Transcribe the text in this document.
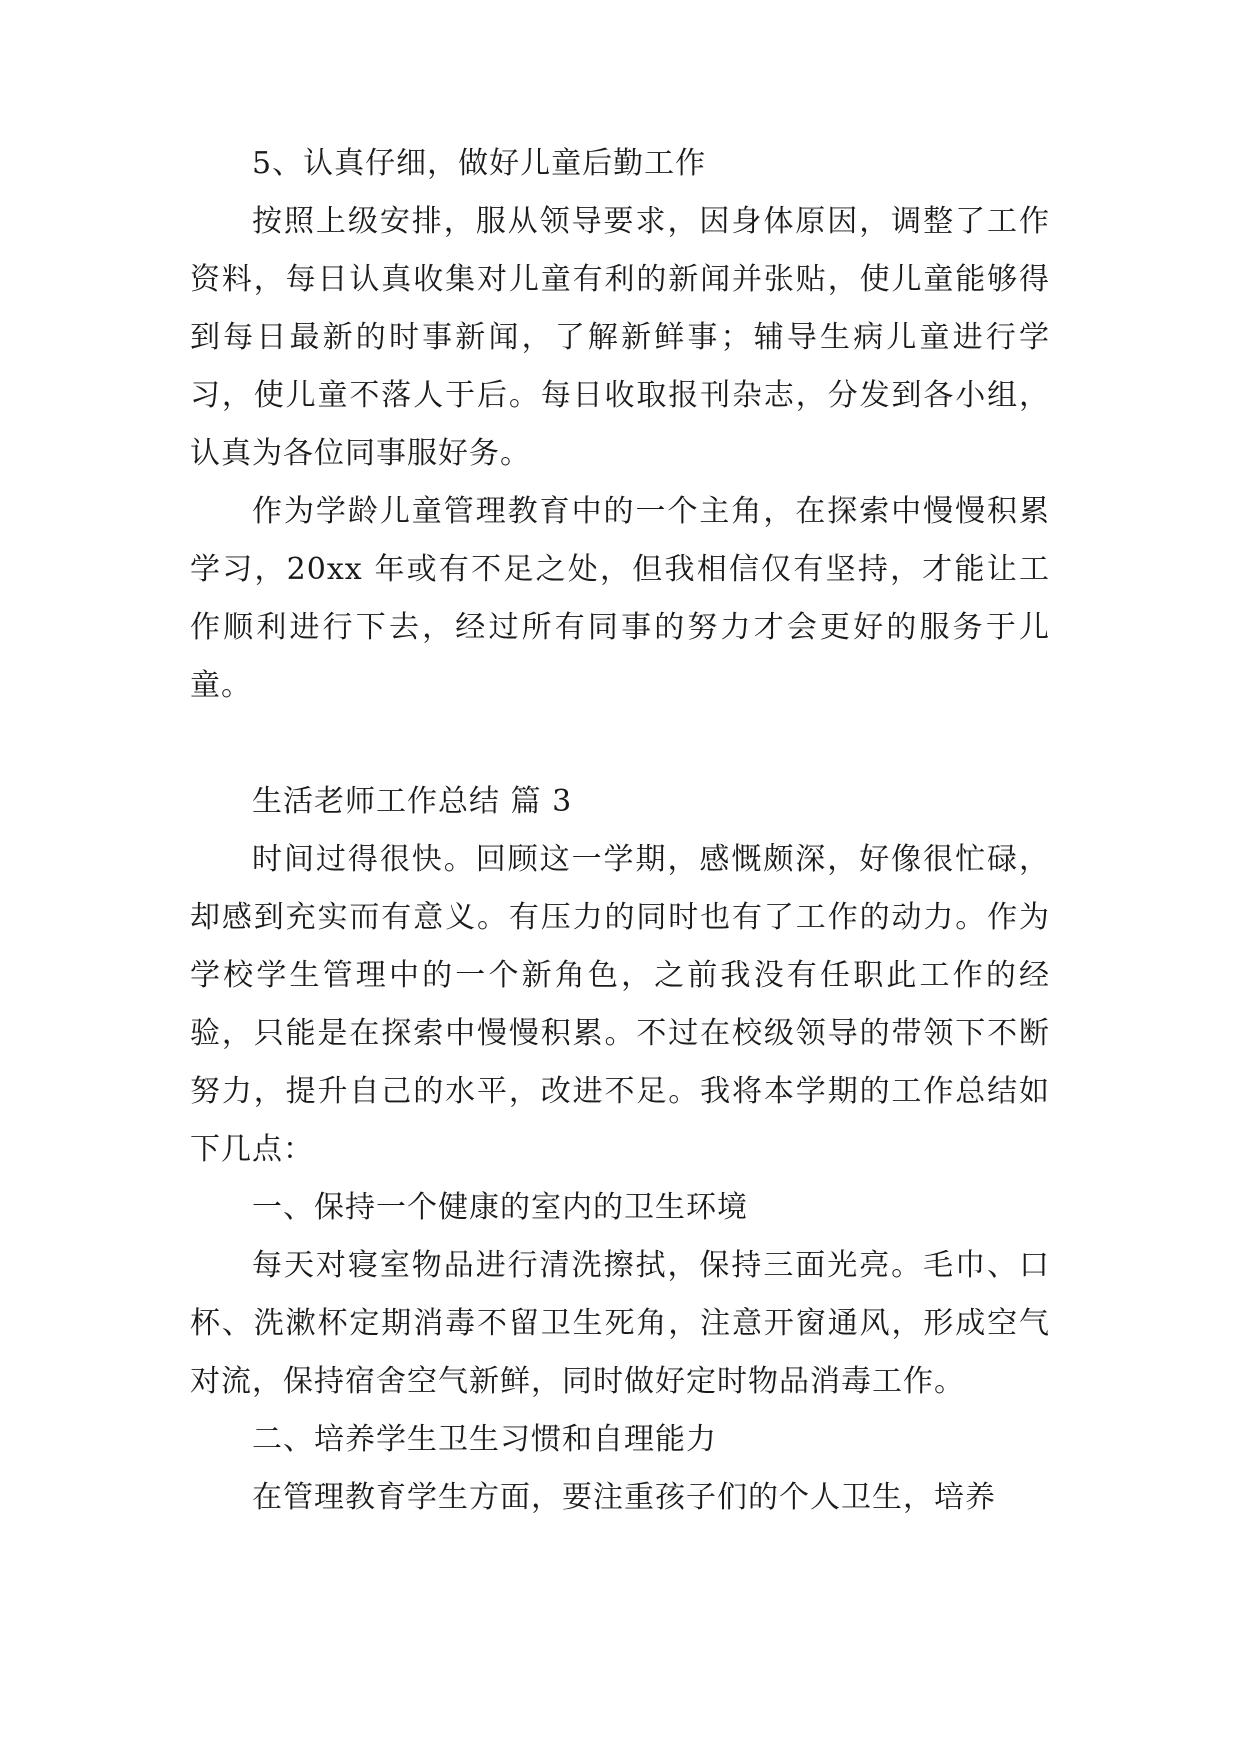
5、认真仔细，做好儿童后勤工作

按照上级安排，服从领导要求，因身体原因，调整了工作资料，每日认真收集对儿童有利的新闻并张贴，使儿童能够得到每日最新的时事新闻，了解新鲜事；辅导生病儿童进行学习，使儿童不落人于后。每日收取报刊杂志，分发到各小组，认真为各位同事服好务。

作为学龄儿童管理教育中的一个主角，在探索中慢慢积累学习，20xx 年或有不足之处，但我相信仅有坚持，才能让工作顺利进行下去，经过所有同事的努力才会更好的服务于儿童。

生活老师工作总结 篇 3

时间过得很快。回顾这一学期，感慨颇深，好像很忙碌，却感到充实而有意义。有压力的同时也有了工作的动力。作为学校学生管理中的一个新角色，之前我没有任职此工作的经验，只能是在探索中慢慢积累。不过在校级领导的带领下不断努力，提升自己的水平，改进不足。我将本学期的工作总结如下几点：

一、保持一个健康的室内的卫生环境

每天对寝室物品进行清洗擦拭，保持三面光亮。毛巾、口杯、洗漱杯定期消毒不留卫生死角，注意开窗通风，形成空气对流，保持宿舍空气新鲜，同时做好定时物品消毒工作。

二、培养学生卫生习惯和自理能力

在管理教育学生方面，要注重孩子们的个人卫生，培养
